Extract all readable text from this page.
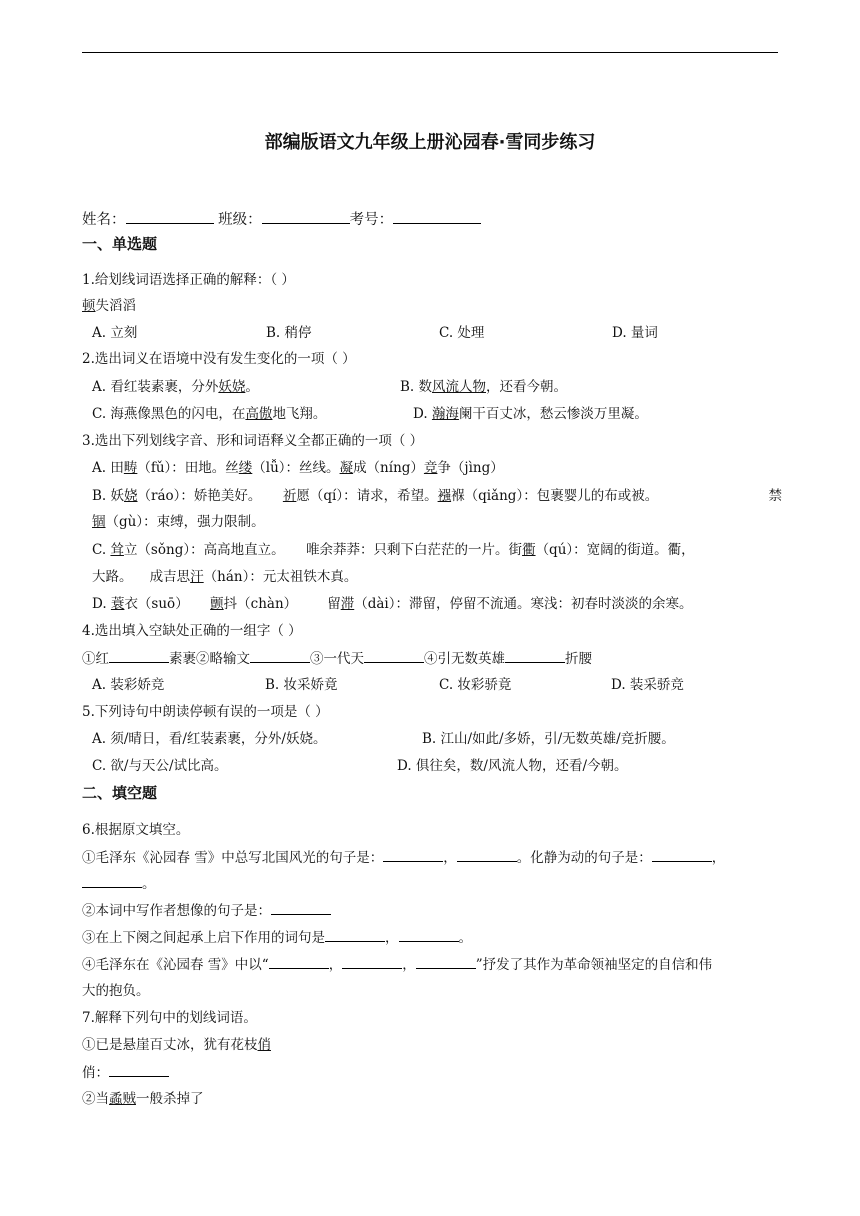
部编版语文九年级上册沁园春·雪同步练习
姓名：	班级：	考号：
一、单选题
1.给划线词语选择正确的解释：（ ）
顿失滔滔
A. 立刻	B. 稍停	C. 处理	D. 量词
2.选出词义在语境中没有发生变化的一项（ ）
A. 看红装素裹，分外妖娆。	B. 数风流人物，还看今朝。
C. 海燕像黑色的闪电，在高傲地飞翔。	D. 瀚海阑干百丈冰，愁云惨淡万里凝。
3.选出下列划线字音、形和词语释义全都正确的一项（ ）
A. 田畴（fǔ）：田地。丝缕（lǚ）：丝线。凝成（níng）竞争（jìng）
B. 妖娆（ráo）：娇艳美好。 祈愿（qí）：请求，希望。襁褓（qiǎng）：包裹婴儿的布或被。	禁
锢（gù）：束缚，强力限制。
C. 耸立（sǒng）：高高地直立。 唯余莽莽：只剩下白茫茫的一片。街衢（qú）：宽阔的街道。衢，
大路。 成吉思汗（hán）：元太祖铁木真。
D. 蓑衣（suō） 颤抖（chàn） 留滞（dài）：滞留，停留不流通。寒浅：初春时淡淡的余寒。
4.选出填入空缺处正确的一组字（ ）
①红	素裹②略输文	③一代天	④引无数英雄	折腰
A. 装彩娇竞	B. 妆采娇竟	C. 妆彩骄竟	D. 装采骄竞
5.下列诗句中朗读停顿有误的一项是（ ）
A. 须/晴日，看/红装素裹，分外/妖娆。	B. 江山/如此/多娇，引/无数英雄/竞折腰。
C. 欲/与天公/试比高。	D. 俱往矣，数/风流人物，还看/今朝。
二、填空题
6.根据原文填空。
①毛泽东《沁园春 雪》中总写北国风光的句子是：	，	。化静为动的句子是：	，
。
②本词中写作者想像的句子是：
③在上下阕之间起承上启下作用的词句是	，	。
④毛泽东在《沁园春 雪》中以“	，	，	”抒发了其作为革命领袖坚定的自信和伟
大的抱负。
7.解释下列句中的划线词语。
①已是悬崖百丈冰，犹有花枝俏
俏：
②当蟊贼一般杀掉了
